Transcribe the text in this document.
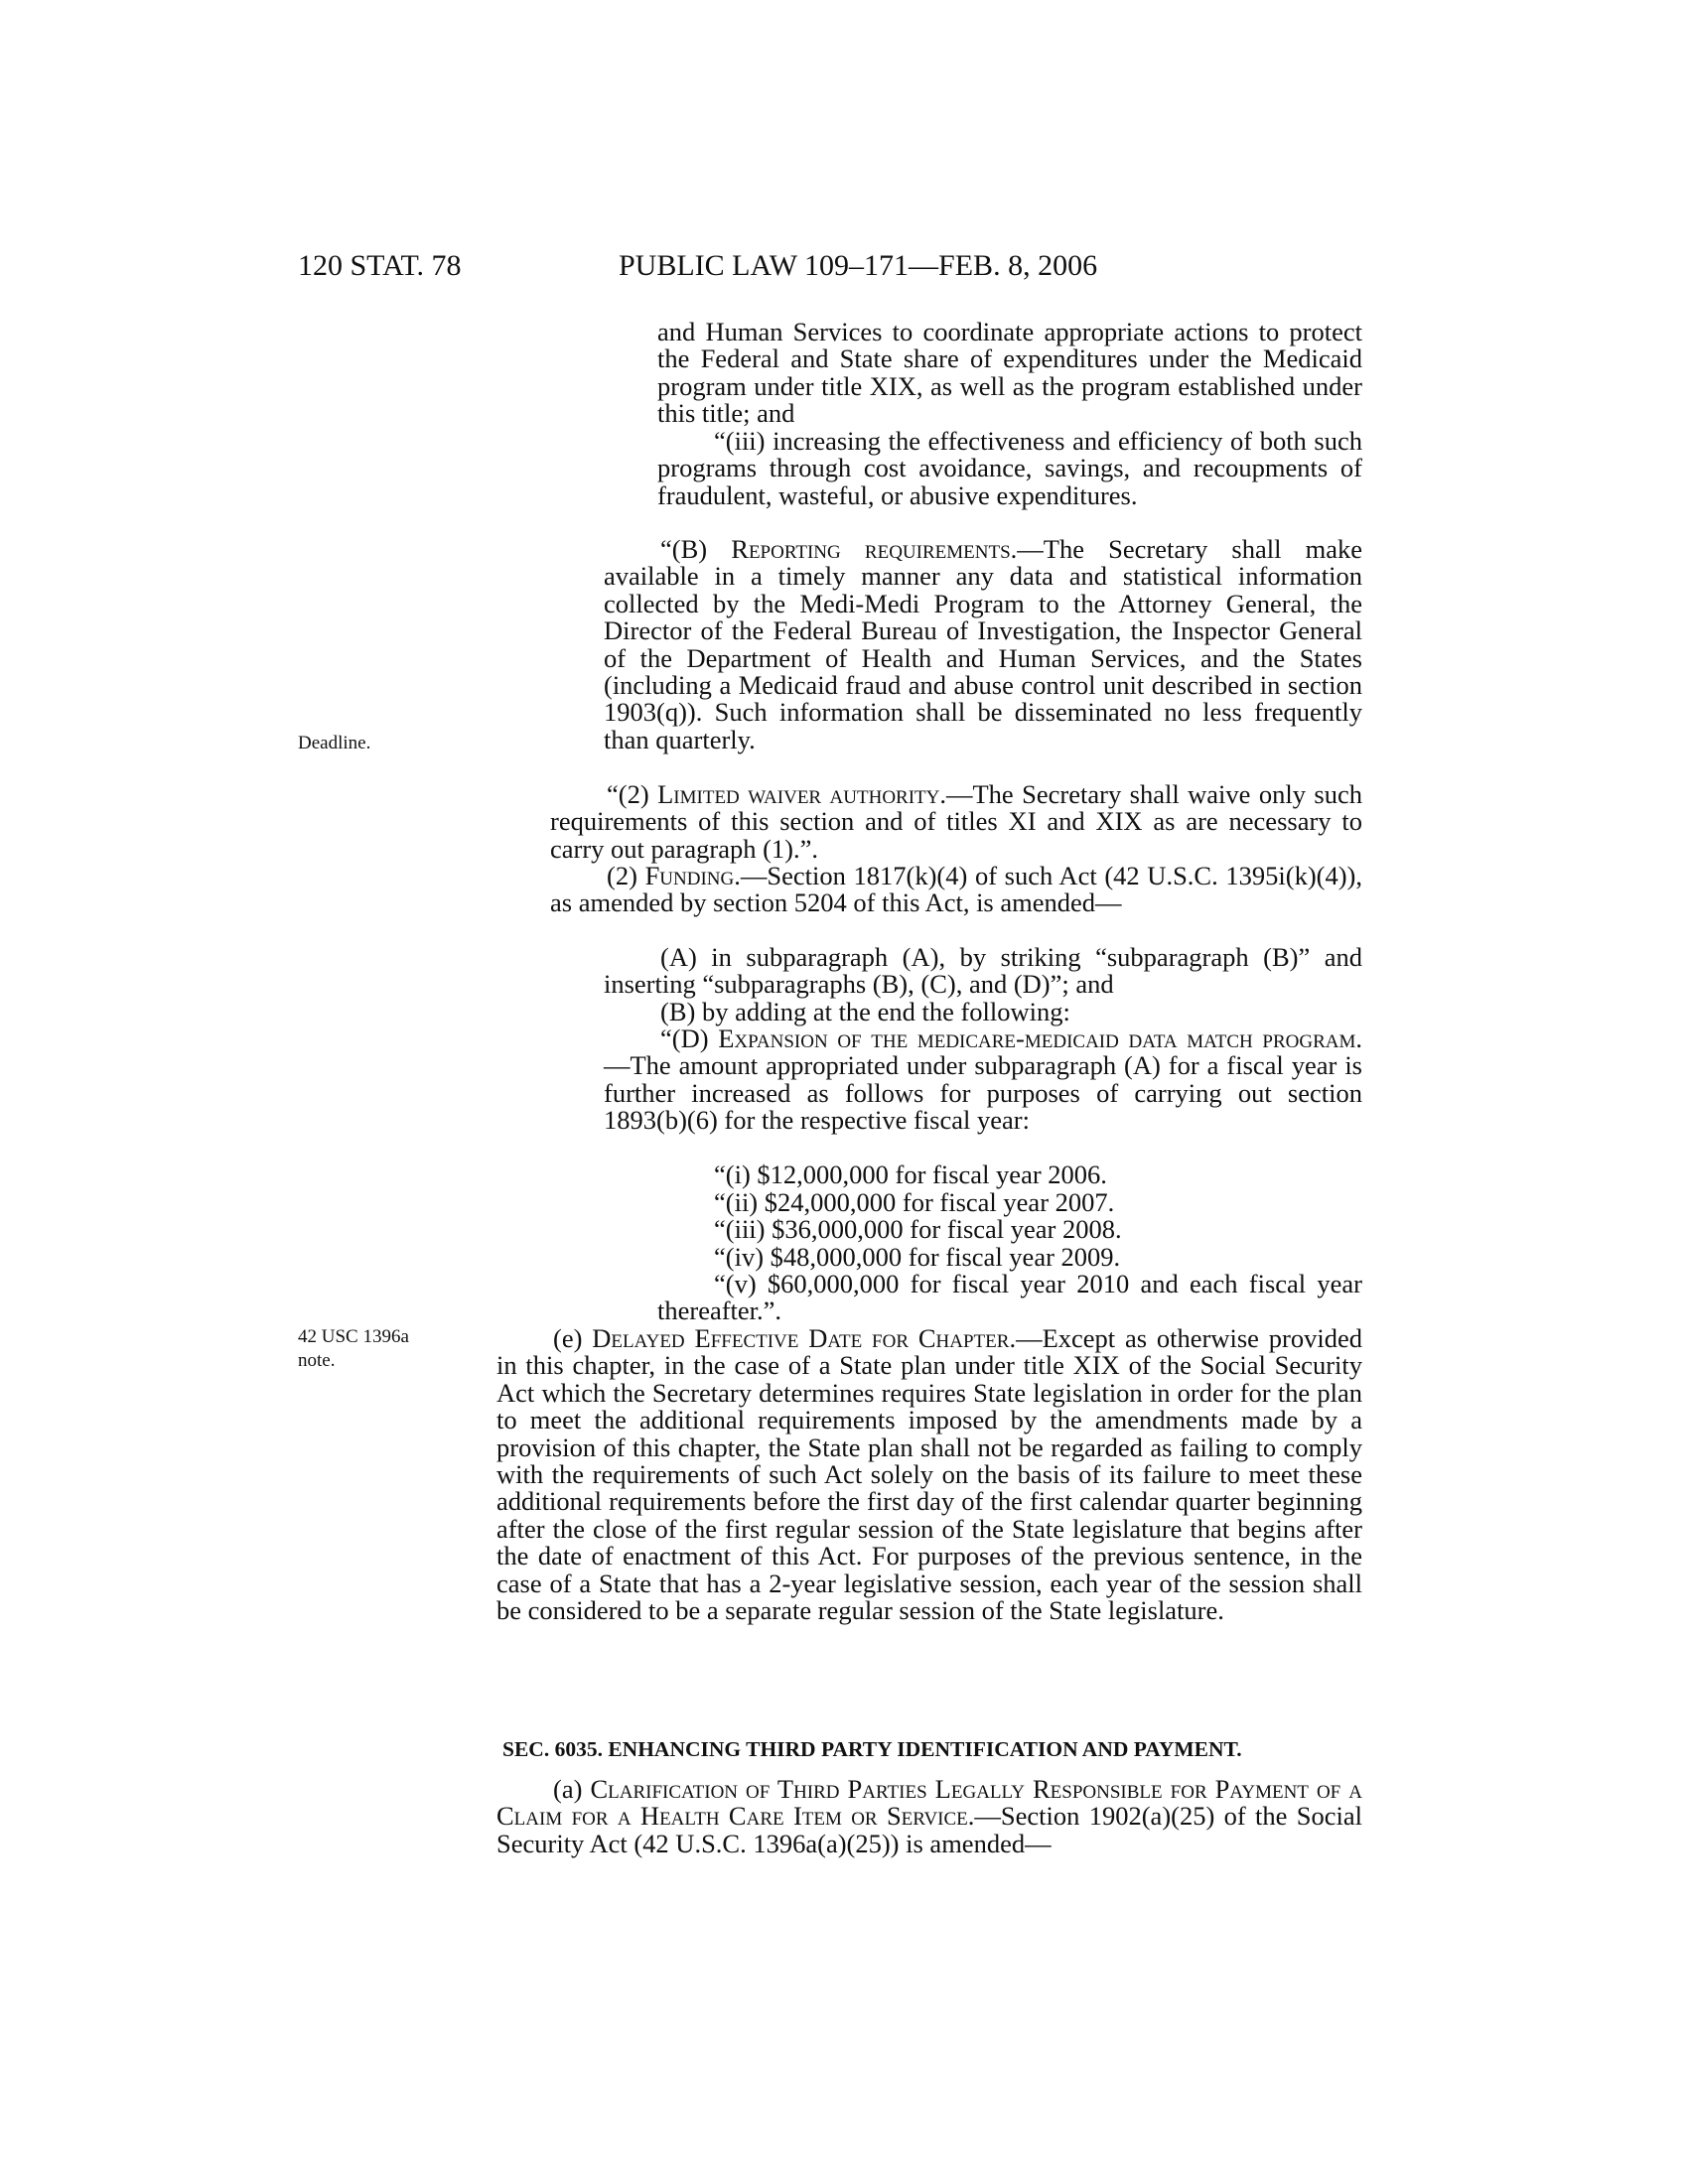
120 STAT. 78	PUBLIC LAW 109–171—FEB. 8, 2006
Deadline.
42 USC 1396a
note.
and Human Services to coordinate appropriate actions to protect the Federal and State share of expenditures under the Medicaid program under title XIX, as well as the program established under this title; and
“(iii) increasing the effectiveness and efficiency of both such programs through cost avoidance, savings, and recoupments of fraudulent, wasteful, or abusive expenditures.
“(B) Reporting requirements.—The Secretary shall make available in a timely manner any data and statistical information collected by the Medi-Medi Program to the Attorney General, the Director of the Federal Bureau of Investigation, the Inspector General of the Department of Health and Human Services, and the States (including a Medicaid fraud and abuse control unit described in section 1903(q)). Such information shall be disseminated no less frequently than quarterly.
“(2) Limited waiver authority.—The Secretary shall waive only such requirements of this section and of titles XI and XIX as are necessary to carry out paragraph (1).”.
(2) Funding.—Section 1817(k)(4) of such Act (42 U.S.C. 1395i(k)(4)), as amended by section 5204 of this Act, is amended—
(A) in subparagraph (A), by striking “subparagraph (B)” and inserting “subparagraphs (B), (C), and (D)”; and
(B) by adding at the end the following:
“(D) Expansion of the medicare-medicaid data match program.—The amount appropriated under subparagraph (A) for a fiscal year is further increased as follows for purposes of carrying out section 1893(b)(6) for the respective fiscal year:
“(i) $12,000,000 for fiscal year 2006.
“(ii) $24,000,000 for fiscal year 2007.
“(iii) $36,000,000 for fiscal year 2008.
“(iv) $48,000,000 for fiscal year 2009.
“(v) $60,000,000 for fiscal year 2010 and each fiscal year thereafter.”.
(e) Delayed Effective Date for Chapter.—Except as otherwise provided in this chapter, in the case of a State plan under title XIX of the Social Security Act which the Secretary determines requires State legislation in order for the plan to meet the additional requirements imposed by the amendments made by a provision of this chapter, the State plan shall not be regarded as failing to comply with the requirements of such Act solely on the basis of its failure to meet these additional requirements before the first day of the first calendar quarter beginning after the close of the first regular session of the State legislature that begins after the date of enactment of this Act. For purposes of the previous sentence, in the case of a State that has a 2-year legislative session, each year of the session shall be considered to be a separate regular session of the State legislature.
SEC. 6035. ENHANCING THIRD PARTY IDENTIFICATION AND PAYMENT.
(a) Clarification of Third Parties Legally Responsible for Payment of a Claim for a Health Care Item or Service.—Section 1902(a)(25) of the Social Security Act (42 U.S.C. 1396a(a)(25)) is amended—
